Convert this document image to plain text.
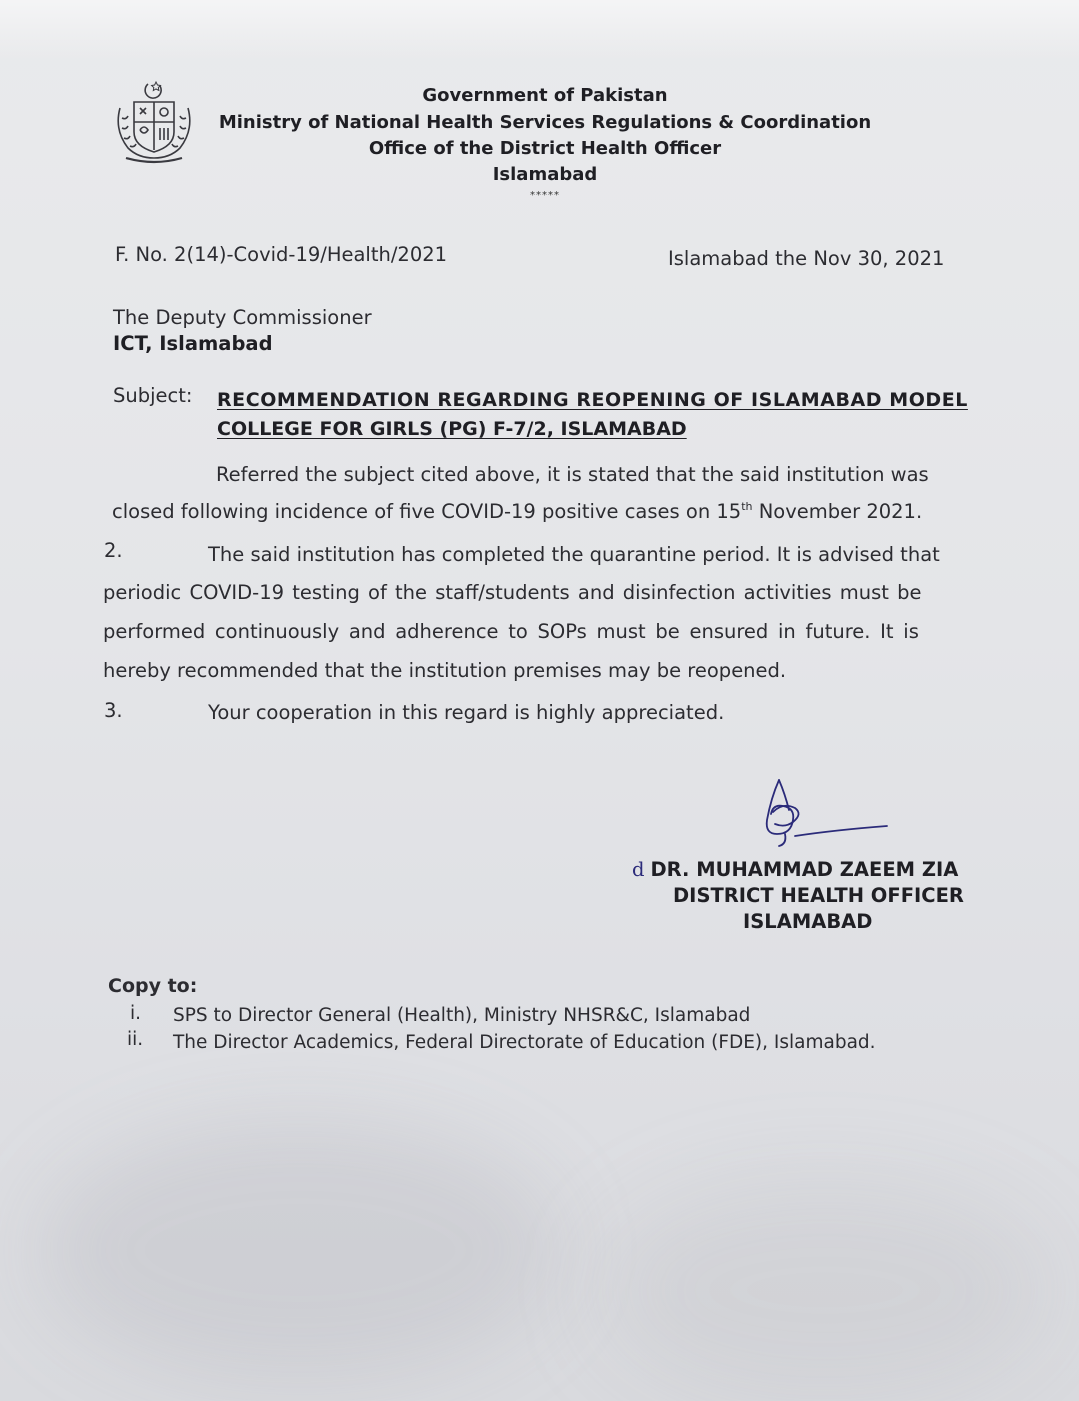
Government of Pakistan
Ministry of National Health Services Regulations & Coordination
Office of the District Health Officer
Islamabad
*****
F. No. 2(14)-Covid-19/Health/2021	Islamabad the Nov 30, 2021
The Deputy Commissioner
ICT, Islamabad
Subject: RECOMMENDATION REGARDING REOPENING OF ISLAMABAD MODEL
COLLEGE FOR GIRLS (PG) F-7/2, ISLAMABAD
Referred the subject cited above, it is stated that the said institution was
closed following incidence of five COVID-19 positive cases on 15th November 2021.
2.	The said institution has completed the quarantine period. It is advised that
periodic COVID-19 testing of the staff/students and disinfection activities must be
performed continuously and adherence to SOPs must be ensured in future. It is
hereby recommended that the institution premises may be reopened.
3.	Your cooperation in this regard is highly appreciated.
d DR. MUHAMMAD ZAEEM ZIA
DISTRICT HEALTH OFFICER
ISLAMABAD
Copy to:
i. SPS to Director General (Health), Ministry NHSR&C, Islamabad
ii. The Director Academics, Federal Directorate of Education (FDE), Islamabad.
